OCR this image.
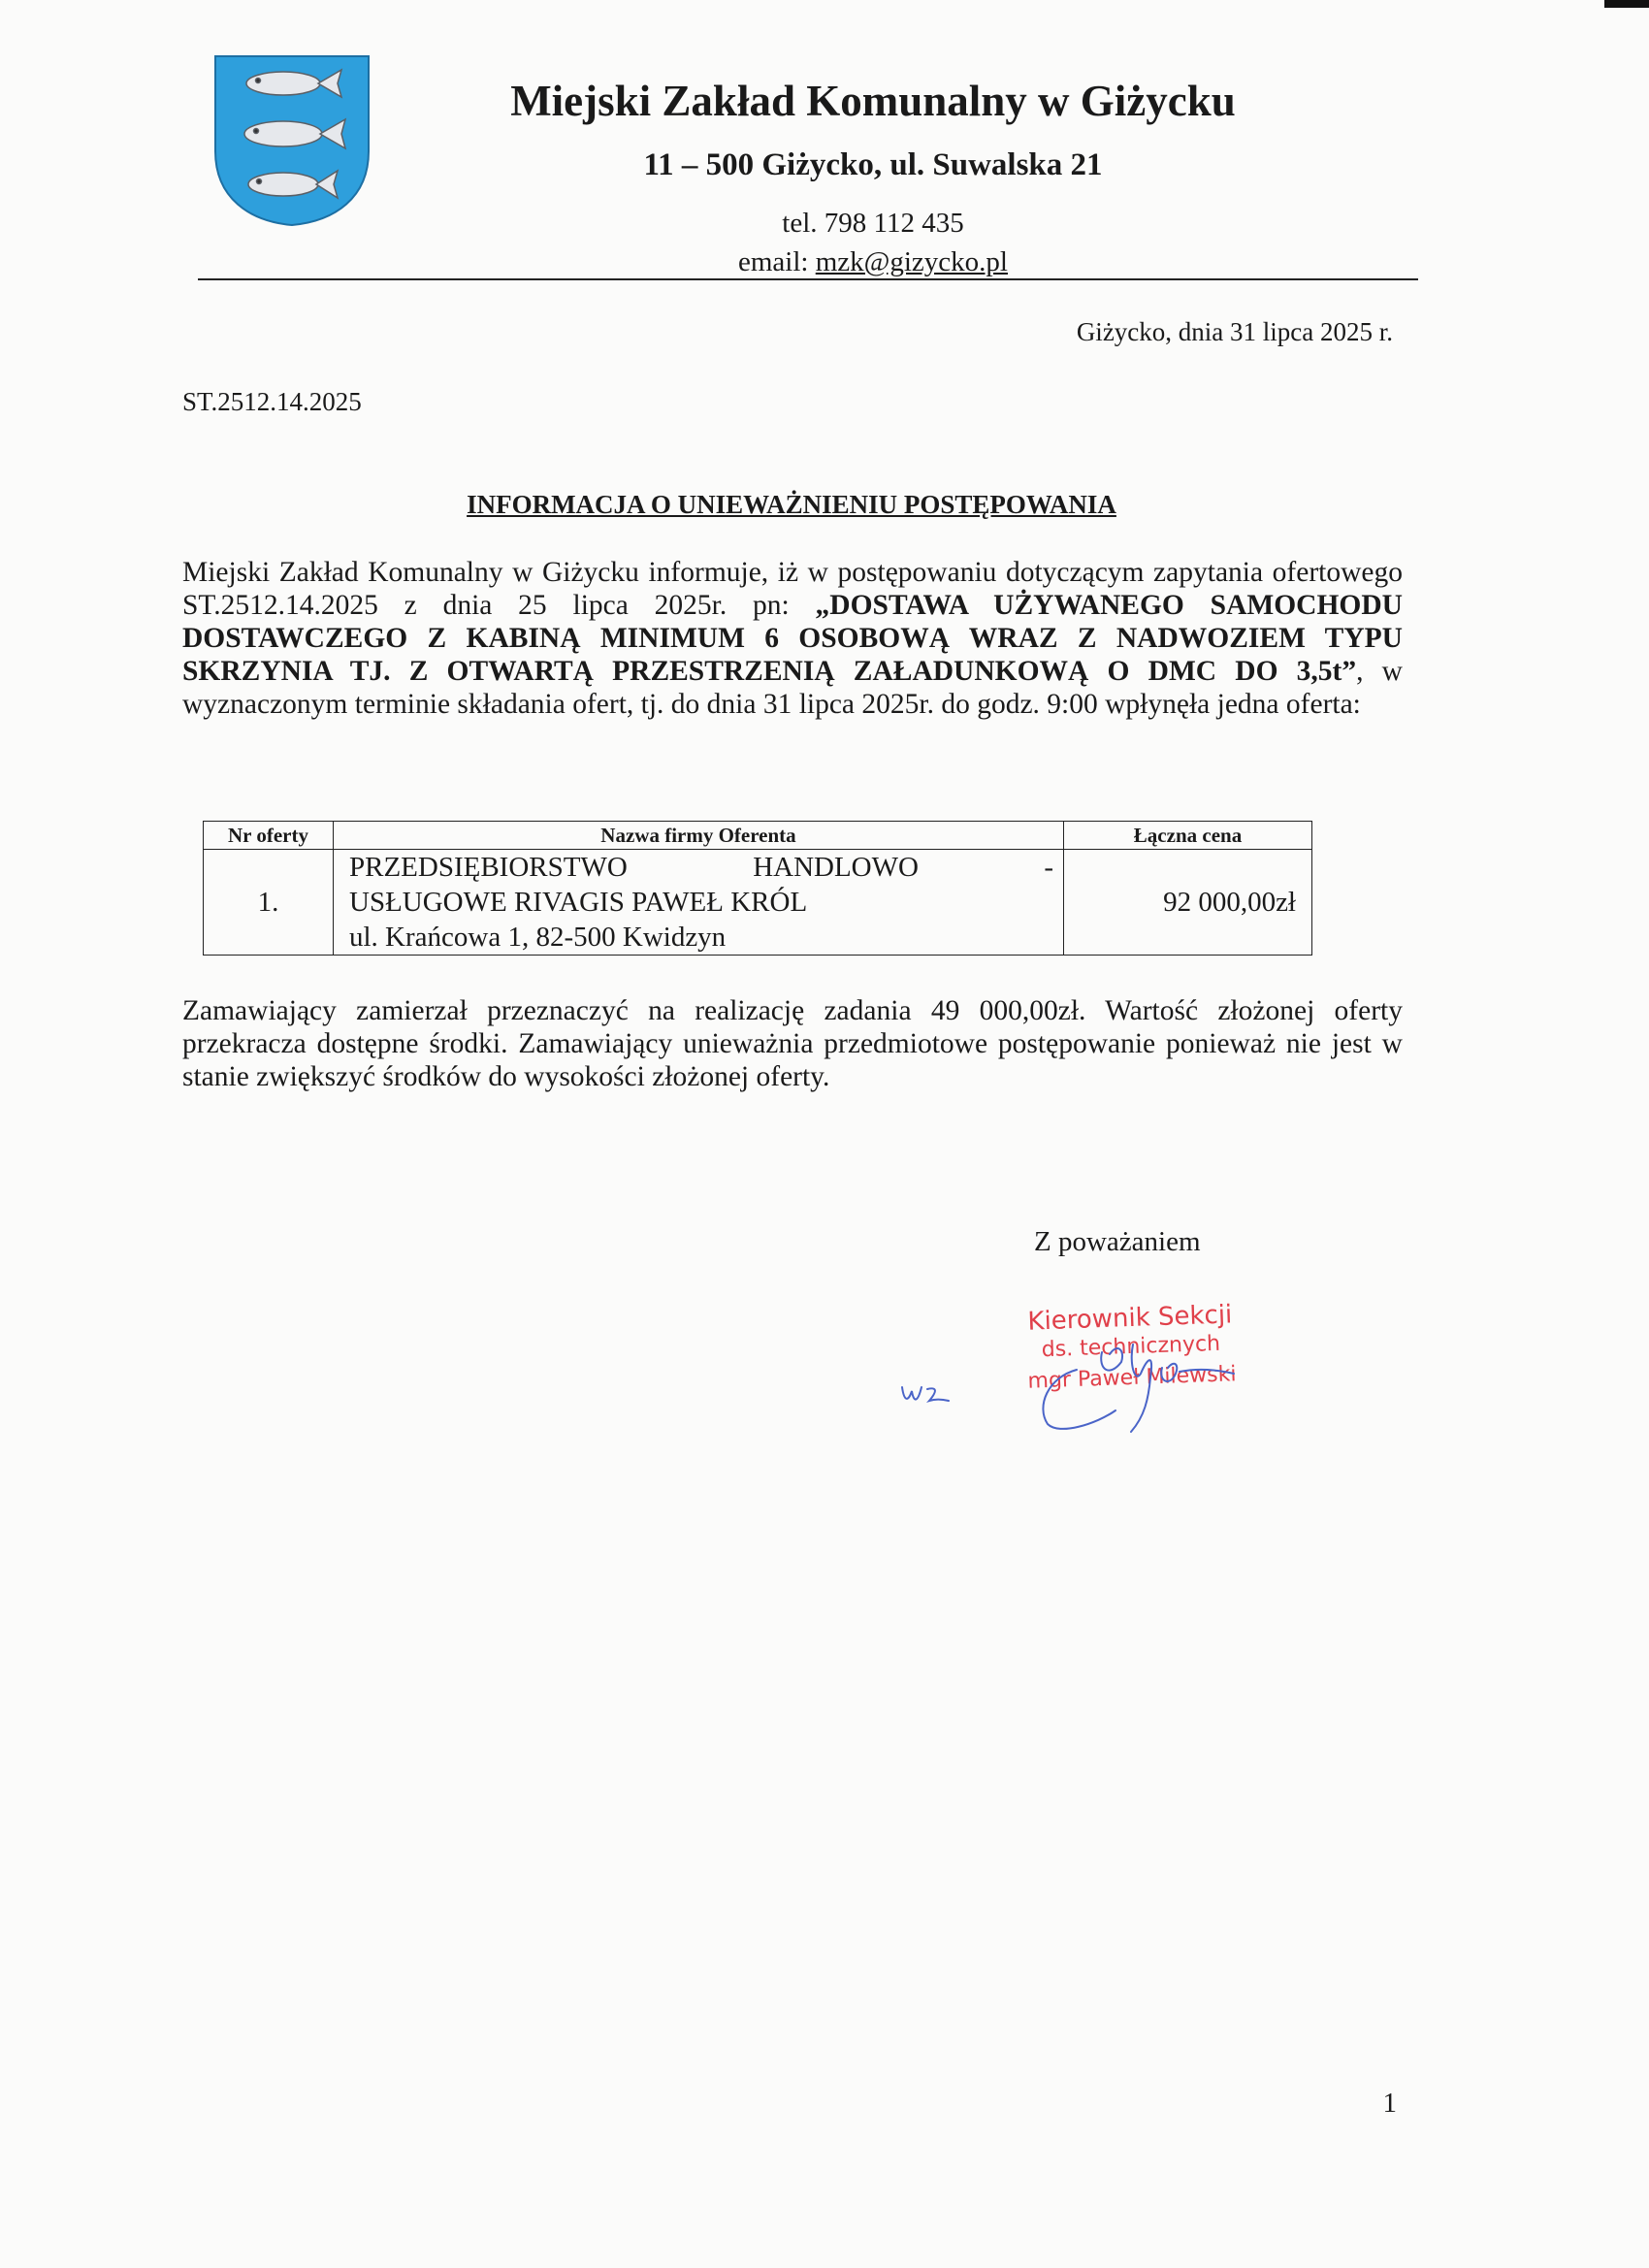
Miejski Zakład Komunalny w Giżycku
11 – 500 Giżycko, ul. Suwalska 21
tel. 798 112 435
email: mzk@gizycko.pl
Giżycko, dnia 31 lipca 2025 r.
ST.2512.14.2025
INFORMACJA O UNIEWAŻNIENIU POSTĘPOWANIA
Miejski Zakład Komunalny w Giżycku informuje, iż w postępowaniu dotyczącym zapytania ofertowego ST.2512.14.2025 z dnia 25 lipca 2025r. pn: „DOSTAWA UŻYWANEGO SAMOCHODU DOSTAWCZEGO Z KABINĄ MINIMUM 6 OSOBOWĄ WRAZ Z NADWOZIEM TYPU SKRZYNIA TJ. Z OTWARTĄ PRZESTRZENIĄ ZAŁADUNKOWĄ O DMC DO 3,5t”, w wyznaczonym terminie składania ofert, tj. do dnia 31 lipca 2025r. do godz. 9:00 wpłynęła jedna oferta:
Nr oferty	Nazwa firmy Oferenta	Łączna cena
1.	PRZEDSIĘBIORSTWO HANDLOWO -
USŁUGOWE RIVAGIS PAWEŁ KRÓL
ul. Krańcowa 1, 82-500 Kwidzyn	92 000,00zł
Zamawiający zamierzał przeznaczyć na realizację zadania 49 000,00zł. Wartość złożonej oferty przekracza dostępne środki. Zamawiający unieważnia przedmiotowe postępowanie ponieważ nie jest w stanie zwiększyć środków do wysokości złożonej oferty.
Z poważaniem
Kierownik Sekcji
ds. technicznych
mgr Paweł Milewski
1
